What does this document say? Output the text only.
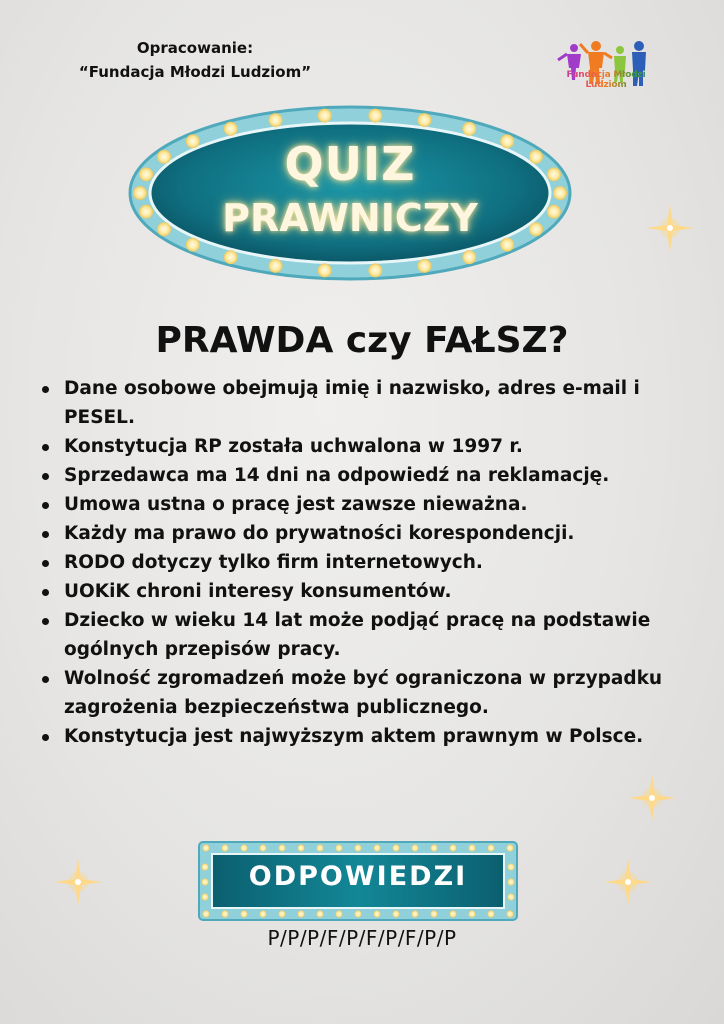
Opracowanie:
“Fundacja Młodzi Ludziom”	Fundacja Młodzi Ludziom
QUIZ
PRAWNICZY
PRAWDA czy FAŁSZ?
Dane osobowe obejmują imię i nazwisko, adres e-mail i PESEL.
Konstytucja RP została uchwalona w 1997 r.
Sprzedawca ma 14 dni na odpowiedź na reklamację.
Umowa ustna o pracę jest zawsze nieważna.
Każdy ma prawo do prywatności korespondencji.
RODO dotyczy tylko firm internetowych.
UOKiK chroni interesy konsumentów.
Dziecko w wieku 14 lat może podjąć pracę na podstawie ogólnych przepisów pracy.
Wolność zgromadzeń może być ograniczona w przypadku zagrożenia bezpieczeństwa publicznego.
Konstytucja jest najwyższym aktem prawnym w Polsce.
ODPOWIEDZI
P/P/P/F/P/F/P/F/P/P
